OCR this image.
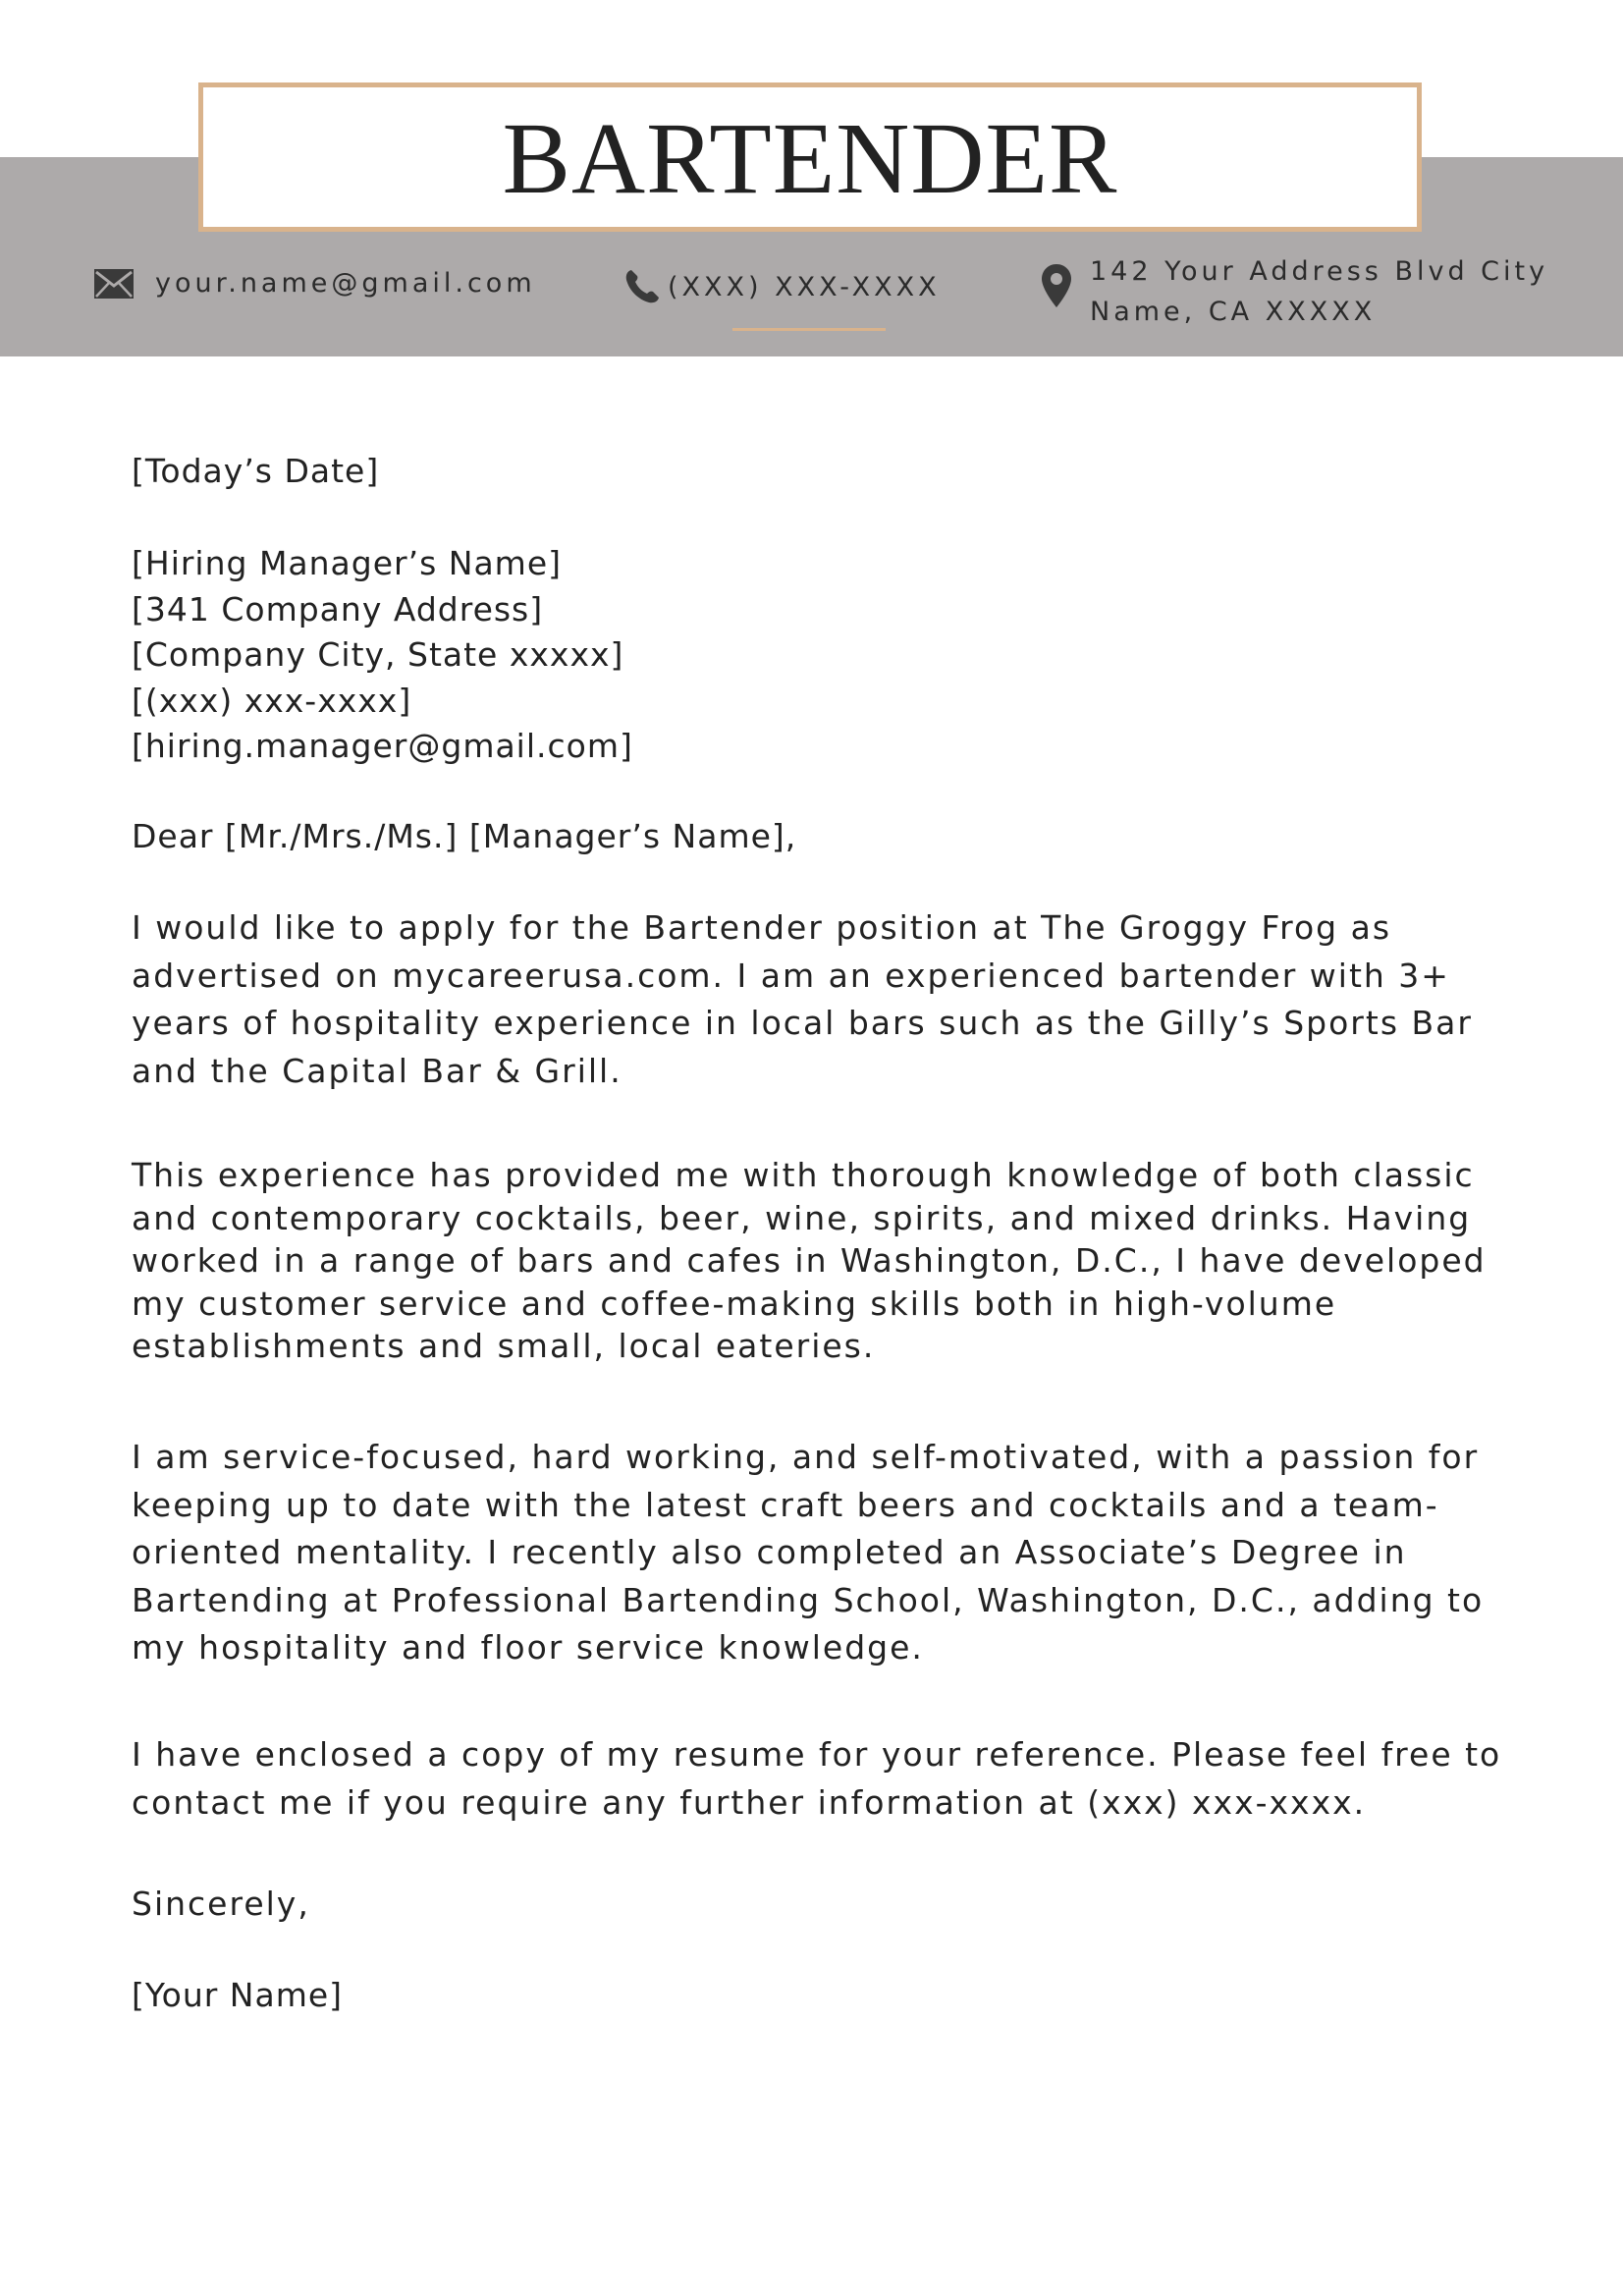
BARTENDER
your.name@gmail.com	(XXX) XXX-XXXX	142 Your Address Blvd City
Name, CA XXXXX

[Today’s Date]

[Hiring Manager’s Name]
[341 Company Address]
[Company City, State xxxxx]
[(xxx) xxx-xxxx]
[hiring.manager@gmail.com]

Dear [Mr./Mrs./Ms.] [Manager’s Name],

I would like to apply for the Bartender position at The Groggy Frog as
advertised on mycareerusa.com. I am an experienced bartender with 3+
years of hospitality experience in local bars such as the Gilly’s Sports Bar
and the Capital Bar & Grill.
This experience has provided me with thorough knowledge of both classic
and contemporary cocktails, beer, wine, spirits, and mixed drinks. Having
worked in a range of bars and cafes in Washington, D.C., I have developed
my customer service and coffee-making skills both in high-volume
establishments and small, local eateries.
I am service-focused, hard working, and self-motivated, with a passion for
keeping up to date with the latest craft beers and cocktails and a team-
oriented mentality. I recently also completed an Associate’s Degree in
Bartending at Professional Bartending School, Washington, D.C., adding to
my hospitality and floor service knowledge.
I have enclosed a copy of my resume for your reference. Please feel free to
contact me if you require any further information at (xxx) xxx-xxxx.

Sincerely,

[Your Name]
